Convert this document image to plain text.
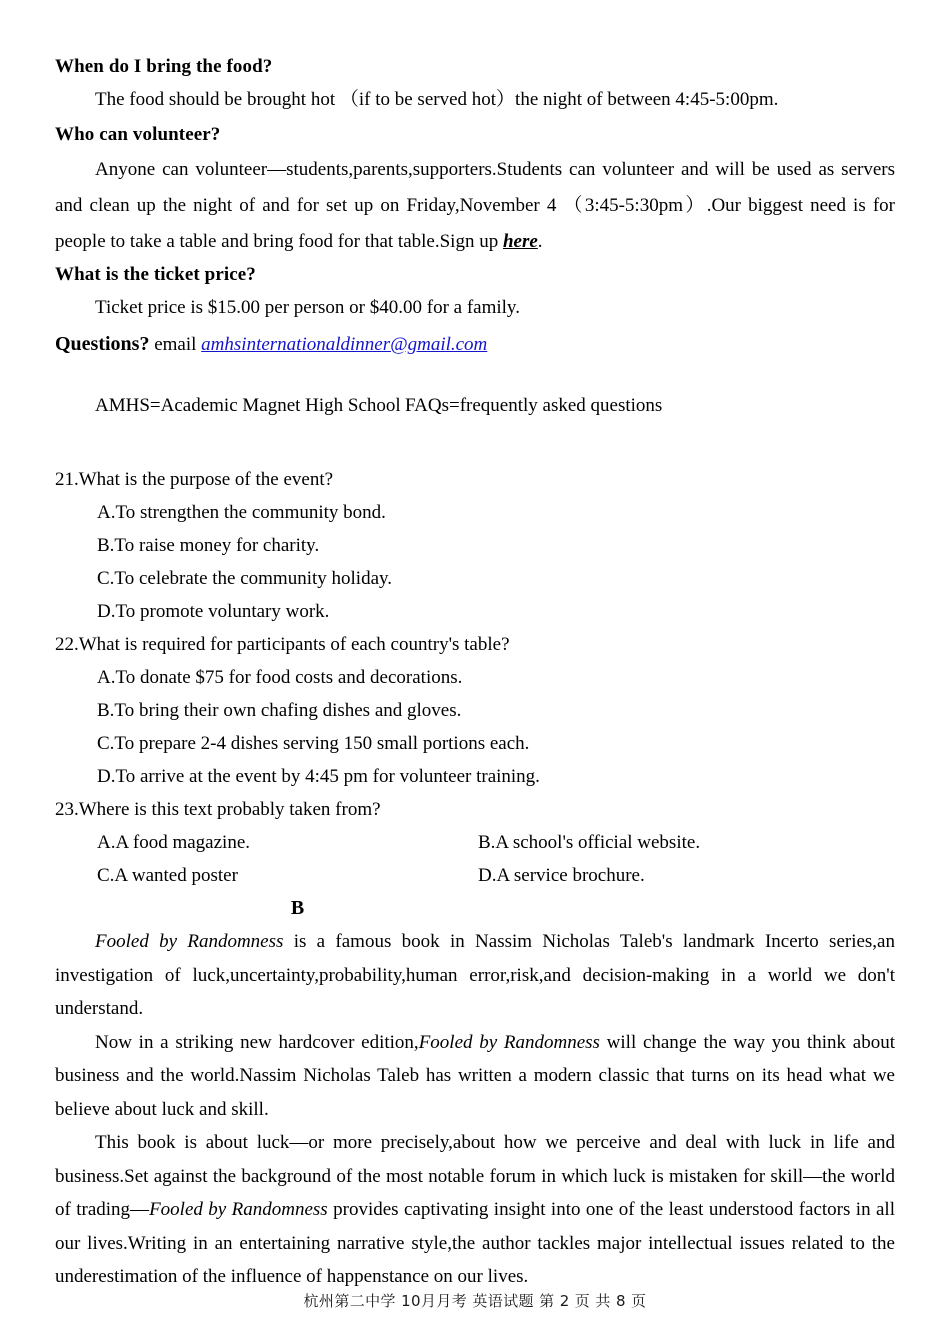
When do I bring the food?

The food should be brought hot （if to be served hot）the night of between 4:45-5:00pm.

Who can volunteer?

Anyone can volunteer—students,parents,supporters.Students can volunteer and will be used as servers and clean up the night of and for set up on Friday,November 4 （3:45-5:30pm）.Our biggest need is for people to take a table and bring food for that table.Sign up here.

What is the ticket price?

Ticket price is $15.00 per person or $40.00 for a family.

Questions? email amhsinternationaldinner@gmail.com

AMHS=Academic Magnet High School FAQs=frequently asked questions

21.What is the purpose of the event?

A.To strengthen the community bond.

B.To raise money for charity.

C.To celebrate the community holiday.

D.To promote voluntary work.

22.What is required for participants of each country's table?

A.To donate $75 for food costs and decorations.

B.To bring their own chafing dishes and gloves.

C.To prepare 2-4 dishes serving 150 small portions each.

D.To arrive at the event by 4:45 pm for volunteer training.

23.Where is this text probably taken from?

A.A food magazine.	B.A school's official website.
C.A wanted poster	D.A service brochure.

B

Fooled by Randomness is a famous book in Nassim Nicholas Taleb's landmark Incerto series,an investigation of luck,uncertainty,probability,human error,risk,and decision-making in a world we don't understand.

Now in a striking new hardcover edition,Fooled by Randomness will change the way you think about business and the world.Nassim Nicholas Taleb has written a modern classic that turns on its head what we believe about luck and skill.

This book is about luck—or more precisely,about how we perceive and deal with luck in life and business.Set against the background of the most notable forum in which luck is mistaken for skill—the world of trading—Fooled by Randomness provides captivating insight into one of the least understood factors in all our lives.Writing in an entertaining narrative style,the author tackles major intellectual issues related to the underestimation of the influence of happenstance on our lives.

杭州第二中学 10月月考 英语试题 第 2 页 共 8 页
